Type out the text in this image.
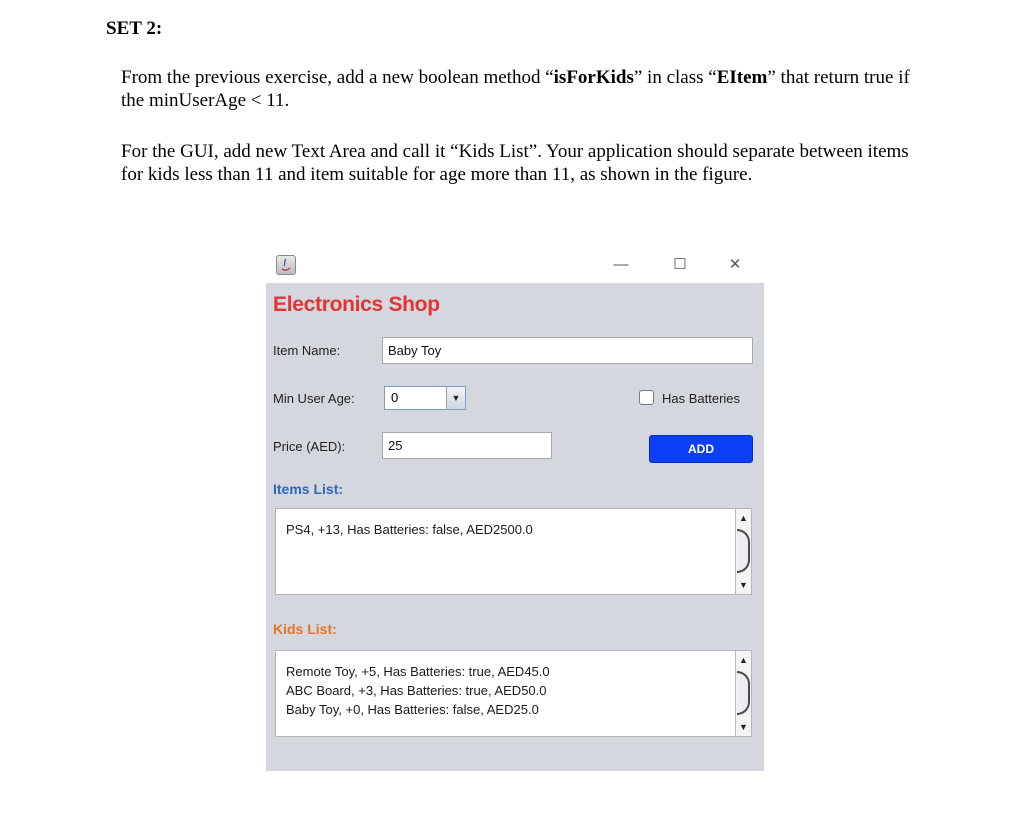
SET 2:

From the previous exercise, add a new boolean method “isForKids” in class “EItem” that return true if the minUserAge < 11.

For the GUI, add new Text Area and call it “Kids List”. Your application should separate between items for kids less than 11 and item suitable for age more than 11, as shown in the figure.

—	☐	✕
Electronics Shop
Item Name:	Baby Toy
Min User Age:	0	▼	Has Batteries
Price (AED):	25	ADD
Items List:
PS4, +13, Has Batteries: false, AED2500.0
▲
▼
Kids List:
Remote Toy, +5, Has Batteries: true, AED45.0
ABC Board, +3, Has Batteries: true, AED50.0
Baby Toy, +0, Has Batteries: false, AED25.0
▲
▼
